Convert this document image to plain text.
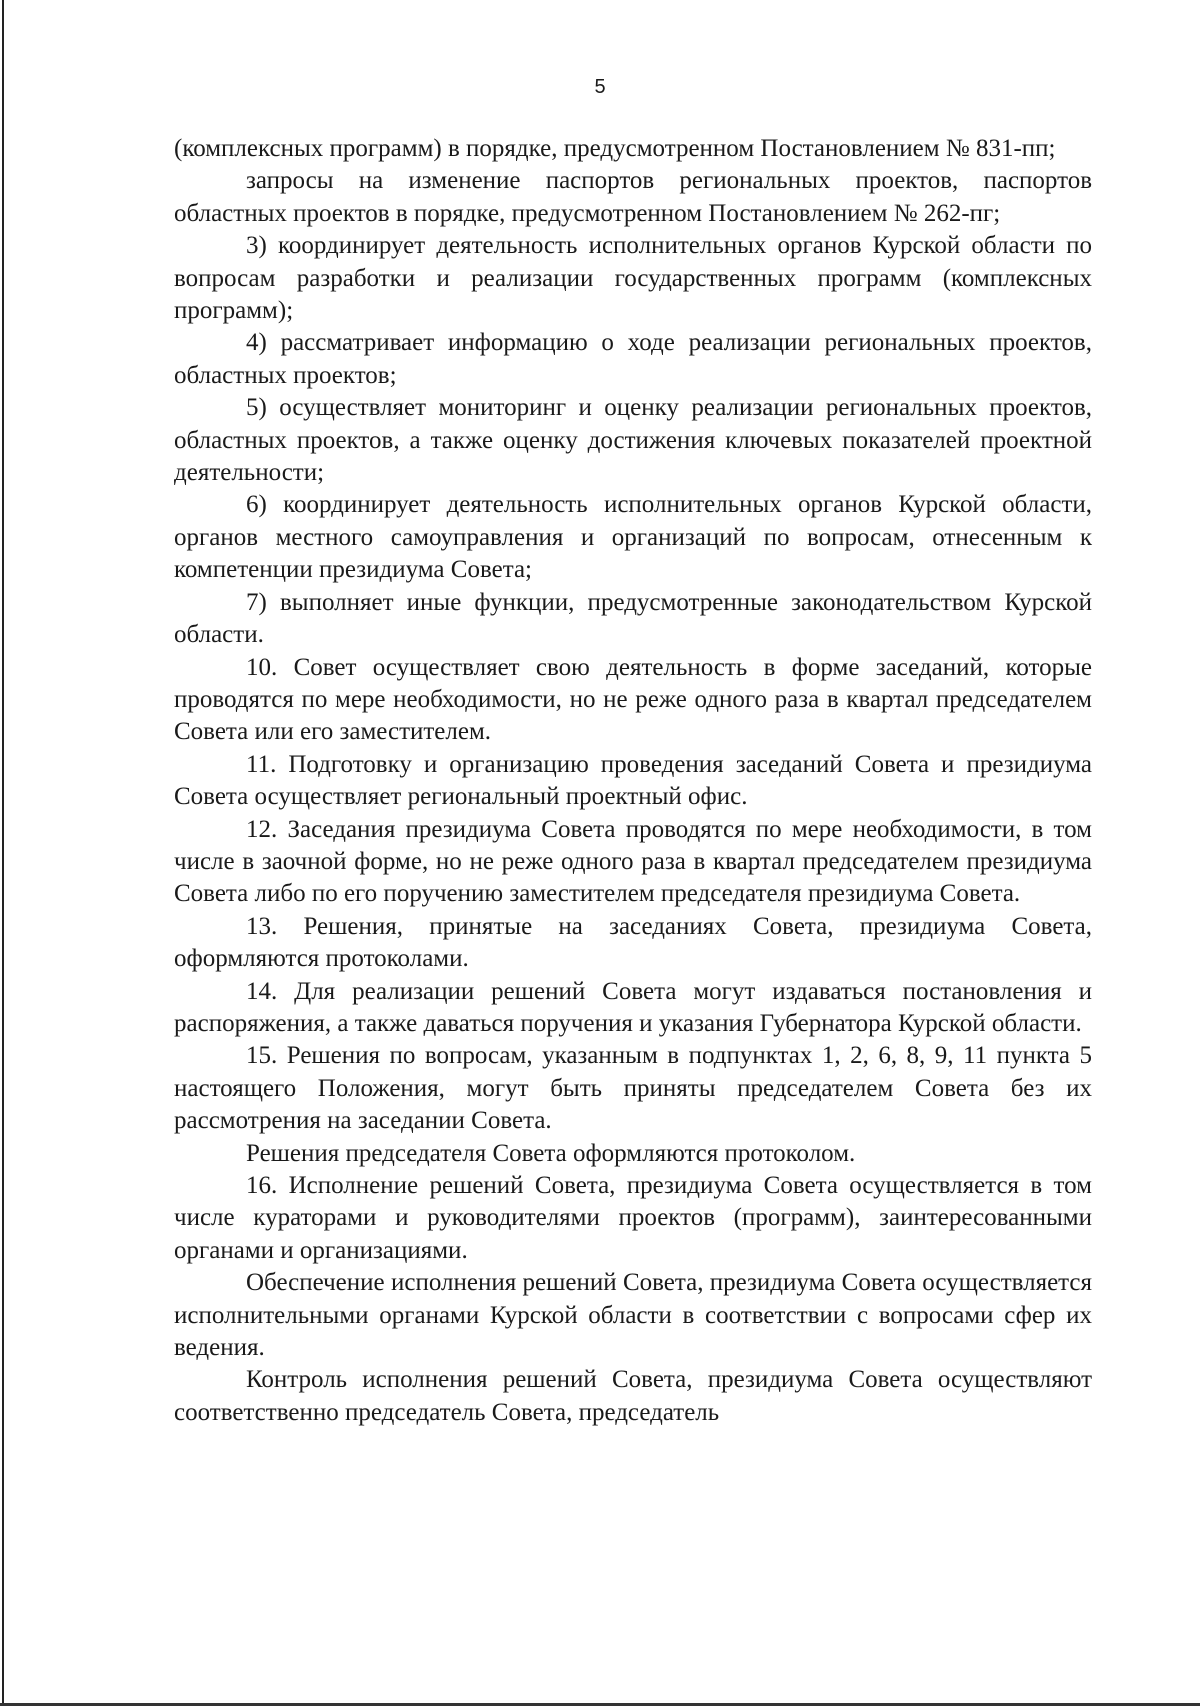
5

(комплексных программ) в порядке, предусмотренном Постановлением № 831-пп;

запросы на изменение паспортов региональных проектов, паспортов областных проектов в порядке, предусмотренном Постановлением № 262-пг;

3) координирует деятельность исполнительных органов Курской области по вопросам разработки и реализации государственных программ (комплексных программ);

4) рассматривает информацию о ходе реализации региональных проектов, областных проектов;

5) осуществляет мониторинг и оценку реализации региональных проектов, областных проектов, а также оценку достижения ключевых показателей проектной деятельности;

6) координирует деятельность исполнительных органов Курской области, органов местного самоуправления и организаций по вопросам, отнесенным к компетенции президиума Совета;

7) выполняет иные функции, предусмотренные законодательством Курской области.

10. Совет осуществляет свою деятельность в форме заседаний, которые проводятся по мере необходимости, но не реже одного раза в квартал председателем Совета или его заместителем.

11. Подготовку и организацию проведения заседаний Совета и президиума Совета осуществляет региональный проектный офис.

12. Заседания президиума Совета проводятся по мере необходимости, в том числе в заочной форме, но не реже одного раза в квартал председателем президиума Совета либо по его поручению заместителем председателя президиума Совета.

13. Решения, принятые на заседаниях Совета, президиума Совета, оформляются протоколами.

14. Для реализации решений Совета могут издаваться постановления и распоряжения, а также даваться поручения и указания Губернатора Курской области.

15. Решения по вопросам, указанным в подпунктах 1, 2, 6, 8, 9, 11 пункта 5 настоящего Положения, могут быть приняты председателем Совета без их рассмотрения на заседании Совета.

Решения председателя Совета оформляются протоколом.

16. Исполнение решений Совета, президиума Совета осуществляется в том числе кураторами и руководителями проектов (программ), заинтересованными органами и организациями.

Обеспечение исполнения решений Совета, президиума Совета осуществляется исполнительными органами Курской области в соответствии с вопросами сфер их ведения.

Контроль исполнения решений Совета, президиума Совета осуществляют соответственно председатель Совета, председатель
